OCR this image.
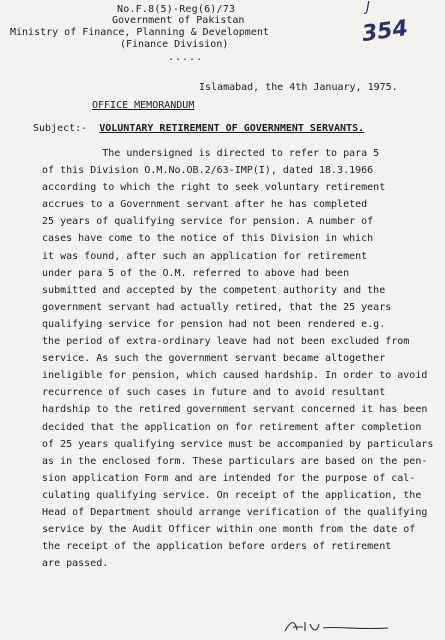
No.F.8(5)-Reg(6)/73
Government of Pakistan
Ministry of Finance, Planning & Development
(Finance Division)
.....
J
354
Islamabad, the 4th January, 1975.
OFFICE MEMORANDUM
Subject:- VOLUNTARY RETIREMENT OF GOVERNMENT SERVANTS.
The undersigned is directed to refer to para 5
of this Division O.M.No.OB.2/63-IMP(I), dated 18.3.1966
according to which the right to seek voluntary retirement
accrues to a Government servant after he has completed
25 years of qualifying service for pension. A number of
cases have come to the notice of this Division in which
it was found, after such an application for retirement
under para 5 of the O.M. referred to above had been
submitted and accepted by the competent authority and the
government servant had actually retired, that the 25 years
qualifying service for pension had not been rendered e.g.
the period of extra-ordinary leave had not been excluded from
service. As such the government servant became altogether
ineligible for pension, which caused hardship. In order to avoid
recurrence of such cases in future and to avoid resultant
hardship to the retired government servant concerned it has been
decided that the application on for retirement after completion
of 25 years qualifying service must be accompanied by particulars
as in the enclosed form. These particulars are based on the pen-
sion application Form and are intended for the purpose of cal-
culating qualifying service. On receipt of the application, the
Head of Department should arrange verification of the qualifying
service by the Audit Officer within one month from the date of
the receipt of the application before orders of retirement
are passed.
